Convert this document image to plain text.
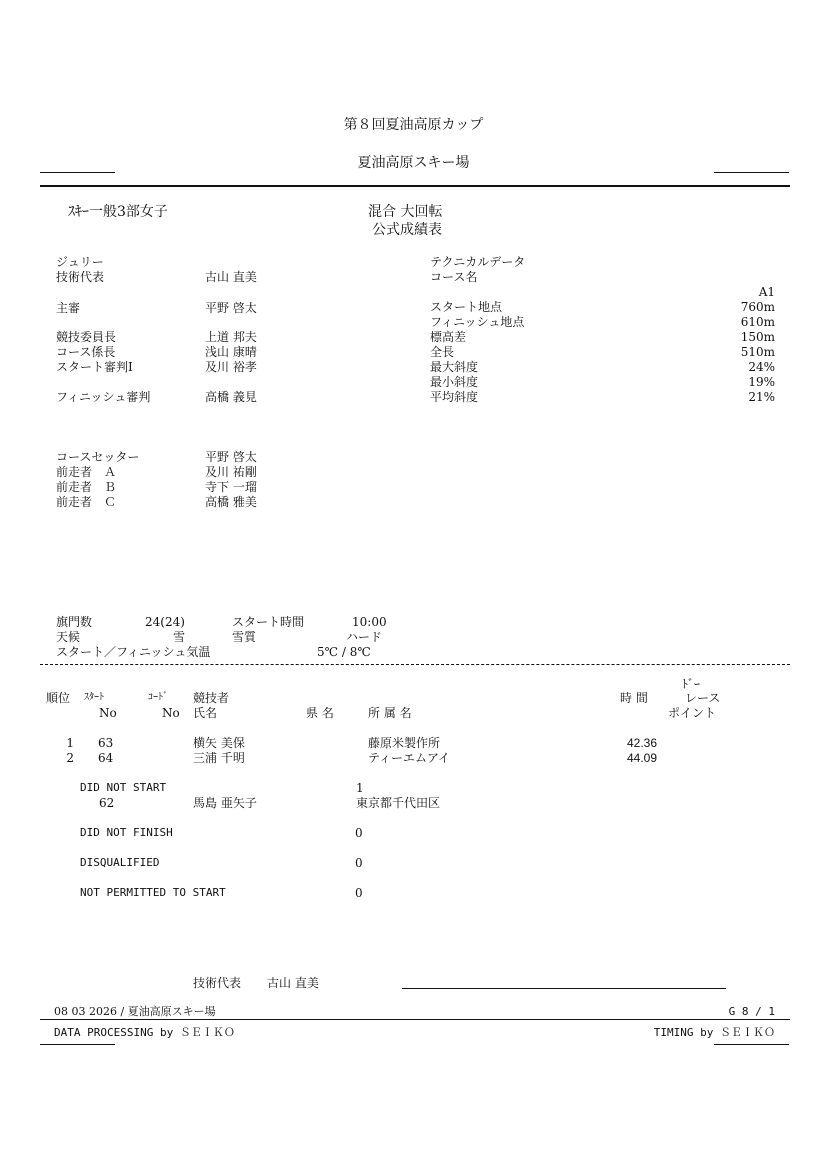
第８回夏油高原カップ
夏油高原スキー場
ｽｷｰ一般3部女子	混合 大回転
公式成績表
ジュリー
技術代表	古山 直美
主審	平野 啓太
競技委員長	上道 邦夫
コース係長	浅山 康晴
スタート審判Ⅰ	及川 裕孝
フィニッシュ審判	高橋 義見
コースセッター	平野 啓太
前走者　Ａ	及川 祐剛
前走者　Ｂ	寺下 一瑠
前走者　Ｃ	高橋 雅美
テクニカルデータ
コース名
A1
スタート地点	760m
フィニッシュ地点	610m
標高差	150m
全長	510m
最大斜度	24%
最小斜度	19%
平均斜度	21%
旗門数	24(24)	スタート時間	10:00
天候	雪	雪質	ハード
スタート／フィニッシュ気温	5℃ / 8℃
ﾄﾞｰ
順位 ｽﾀｰﾄ	ｺｰﾄﾞ 競技者	時 間	レース
No	No 氏名	県 名	所 属 名	ポイント
1 63	横矢 美保	藤原米製作所	42.36
2 64	三浦 千明	ティーエムアイ	44.09
DID NOT START	1
62	馬島 亜矢子	東京都千代田区
DID NOT FINISH	0
DISQUALIFIED	0
NOT PERMITTED TO START	0
技術代表 古山 直美
08 03 2026 / 夏油高原スキー場	G 8 / 1
DATA PROCESSING by ＳＥＩＫＯ	TIMING by ＳＥＩＫＯ
